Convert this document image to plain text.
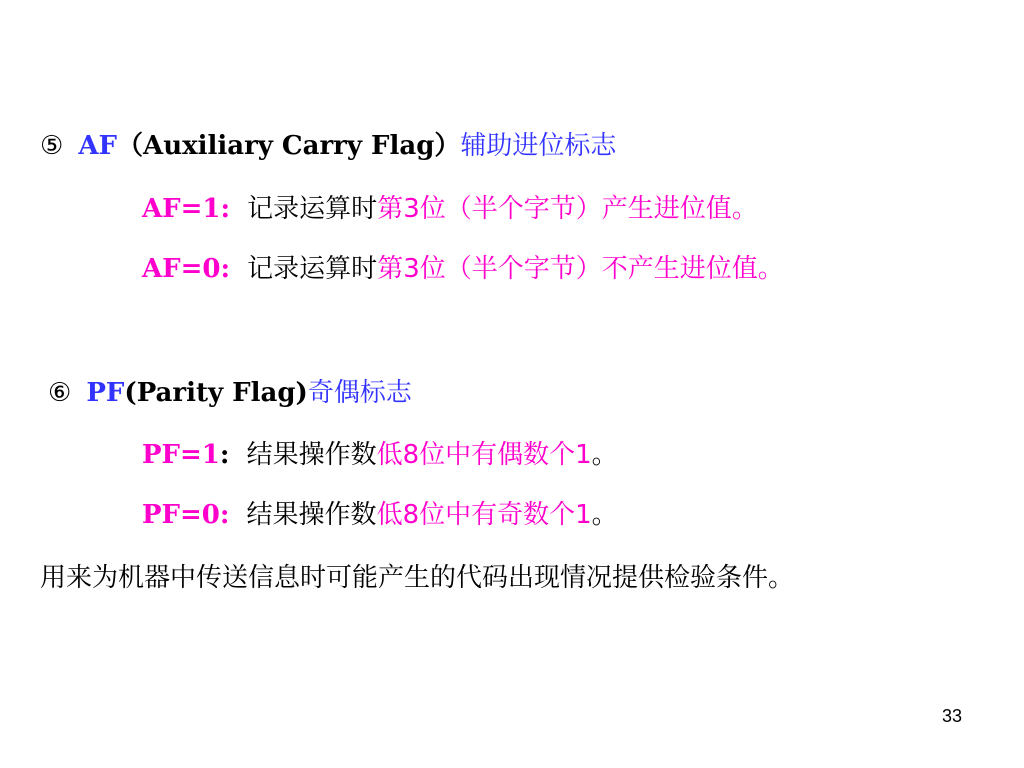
⑤ AF（Auxiliary Carry Flag）辅助进位标志
AF=1: 记录运算时第3位（半个字节）产生进位值。
AF=0: 记录运算时第3位（半个字节）不产生进位值。
⑥ PF(Parity Flag)奇偶标志
PF=1: 结果操作数低8位中有偶数个1。
PF=0: 结果操作数低8位中有奇数个1。
用来为机器中传送信息时可能产生的代码出现情况提供检验条件。
33
